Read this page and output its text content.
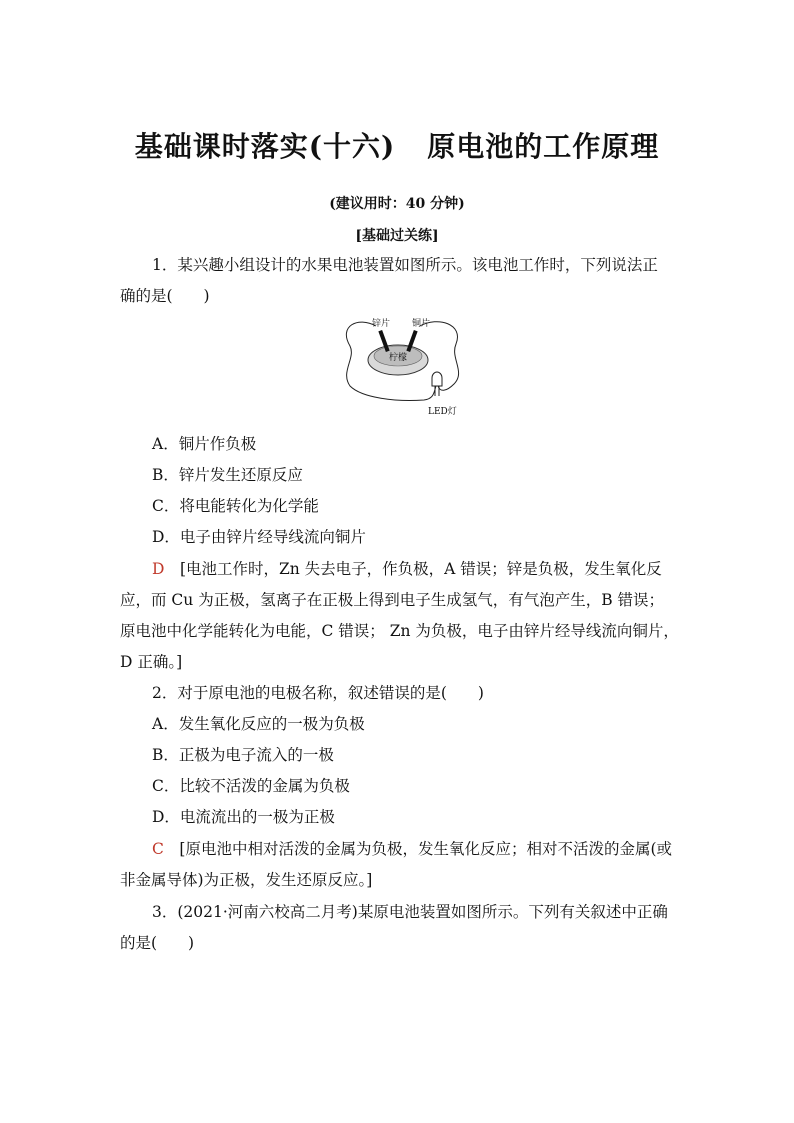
基础课时落实(十六) 原电池的工作原理
(建议用时：40 分钟)
[基础过关练]
1．某兴趣小组设计的水果电池装置如图所示。该电池工作时，下列说法正
确的是(　　)
锌片 铜片
柠檬
LED灯
A．铜片作负极
B．锌片发生还原反应
C．将电能转化为化学能
D．电子由锌片经导线流向铜片
D　 [电池工作时，Zn 失去电子，作负极，A 错误；锌是负极，发生氧化反
应，而 Cu 为正极，氢离子在正极上得到电子生成氢气，有气泡产生，B 错误；
原电池中化学能转化为电能，C 错误； Zn 为负极，电子由锌片经导线流向铜片，
D 正确。]
2．对于原电池的电极名称，叙述错误的是(　　)
A．发生氧化反应的一极为负极
B．正极为电子流入的一极
C．比较不活泼的金属为负极
D．电流流出的一极为正极
C　 [原电池中相对活泼的金属为负极，发生氧化反应；相对不活泼的金属(或
非金属导体)为正极，发生还原反应。]
3．(2021·河南六校高二月考)某原电池装置如图所示。下列有关叙述中正确
的是(　　)
